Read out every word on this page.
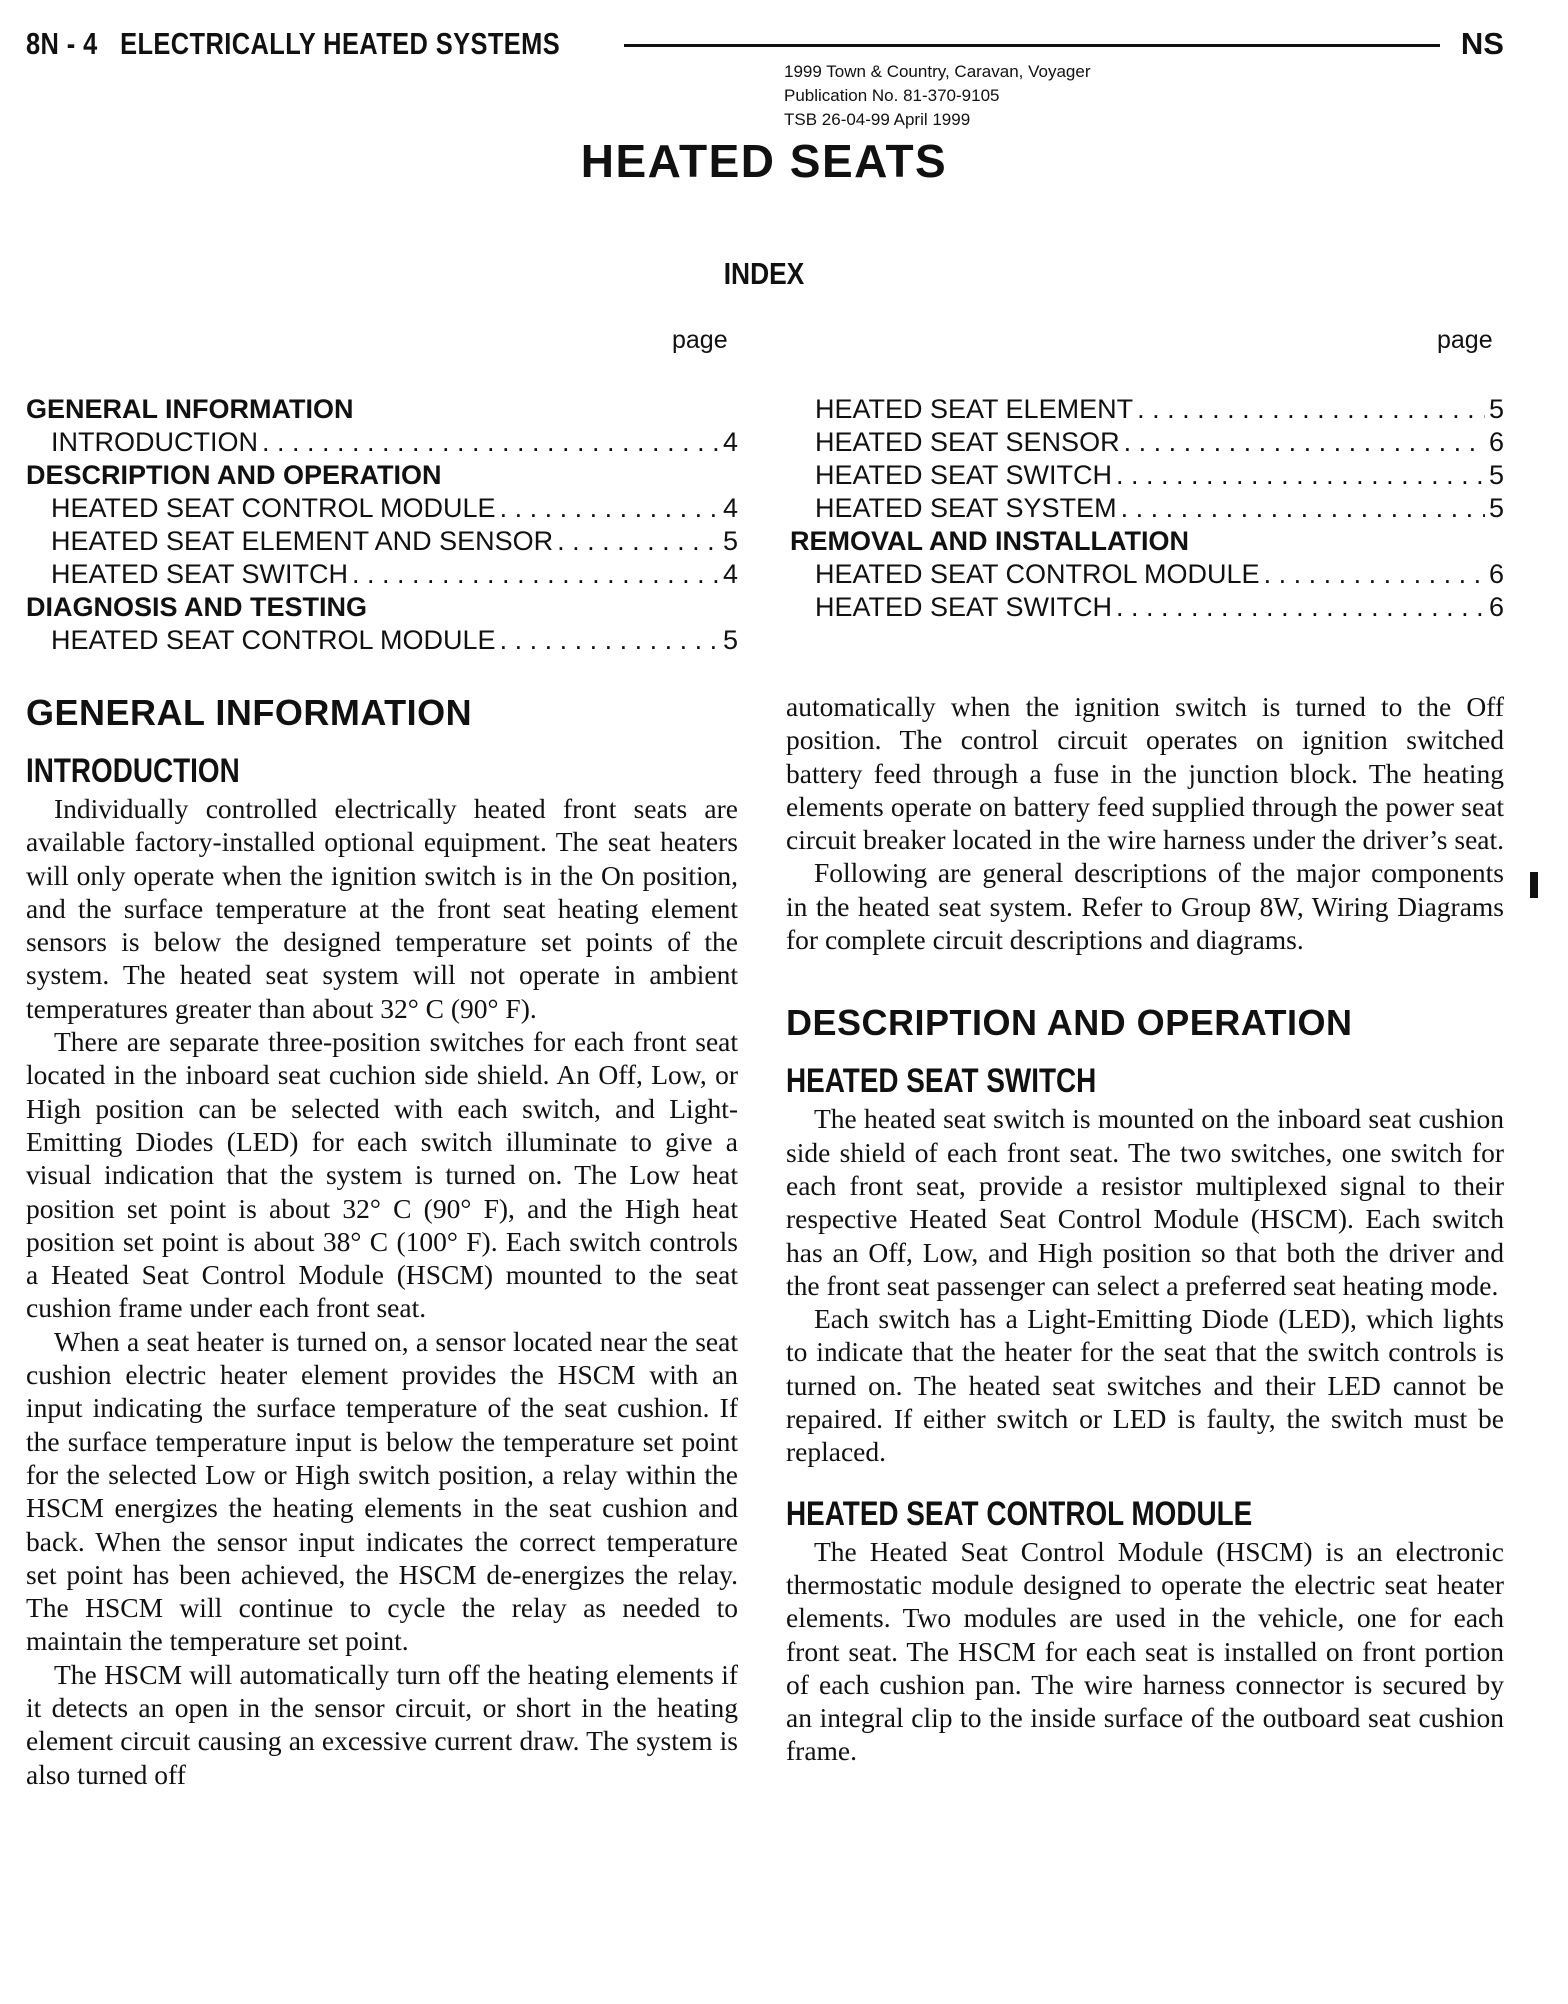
8N - 4 ELECTRICALLY HEATED SYSTEMS	NS
1999 Town & Country, Caravan, Voyager
Publication No. 81-370-9105
TSB 26-04-99 April 1999
HEATED SEATS
INDEX
page	page
GENERAL INFORMATION
INTRODUCTION . . .	4
DESCRIPTION AND OPERATION
HEATED SEAT CONTROL MODULE . . .	4
HEATED SEAT ELEMENT AND SENSOR . . .	5
HEATED SEAT SWITCH . . .	4
DIAGNOSIS AND TESTING
HEATED SEAT CONTROL MODULE . . .	5
HEATED SEAT ELEMENT . . .	5
HEATED SEAT SENSOR . . .	6
HEATED SEAT SWITCH . . .	5
HEATED SEAT SYSTEM . . .	5
REMOVAL AND INSTALLATION
HEATED SEAT CONTROL MODULE . . .	6
HEATED SEAT SWITCH . . .	6
GENERAL INFORMATION
INTRODUCTION

Individually controlled electrically heated front seats are available factory-installed optional equipment. The seat heaters will only operate when the ignition switch is in the On position, and the surface temperature at the front seat heating element sensors is below the designed temperature set points of the system. The heated seat system will not operate in ambient temperatures greater than about 32° C (90° F).

There are separate three-position switches for each front seat located in the inboard seat cuchion side shield. An Off, Low, or High position can be selected with each switch, and Light-Emitting Diodes (LED) for each switch illuminate to give a visual indication that the system is turned on. The Low heat position set point is about 32° C (90° F), and the High heat position set point is about 38° C (100° F). Each switch controls a Heated Seat Control Module (HSCM) mounted to the seat cushion frame under each front seat.

When a seat heater is turned on, a sensor located near the seat cushion electric heater element provides the HSCM with an input indicating the surface temperature of the seat cushion. If the surface temperature input is below the temperature set point for the selected Low or High switch position, a relay within the HSCM energizes the heating elements in the seat cushion and back. When the sensor input indicates the correct temperature set point has been achieved, the HSCM de-energizes the relay. The HSCM will continue to cycle the relay as needed to maintain the temperature set point.

The HSCM will automatically turn off the heating elements if it detects an open in the sensor circuit, or short in the heating element circuit causing an excessive current draw. The system is also turned off

automatically when the ignition switch is turned to the Off position. The control circuit operates on ignition switched battery feed through a fuse in the junction block. The heating elements operate on battery feed supplied through the power seat circuit breaker located in the wire harness under the driver’s seat.

Following are general descriptions of the major components in the heated seat system. Refer to Group 8W, Wiring Diagrams for complete circuit descriptions and diagrams.

DESCRIPTION AND OPERATION
HEATED SEAT SWITCH

The heated seat switch is mounted on the inboard seat cushion side shield of each front seat. The two switches, one switch for each front seat, provide a resistor multiplexed signal to their respective Heated Seat Control Module (HSCM). Each switch has an Off, Low, and High position so that both the driver and the front seat passenger can select a preferred seat heating mode.

Each switch has a Light-Emitting Diode (LED), which lights to indicate that the heater for the seat that the switch controls is turned on. The heated seat switches and their LED cannot be repaired. If either switch or LED is faulty, the switch must be replaced.

HEATED SEAT CONTROL MODULE

The Heated Seat Control Module (HSCM) is an electronic thermostatic module designed to operate the electric seat heater elements. Two modules are used in the vehicle, one for each front seat. The HSCM for each seat is installed on front portion of each cushion pan. The wire harness connector is secured by an integral clip to the inside surface of the outboard seat cushion frame.
